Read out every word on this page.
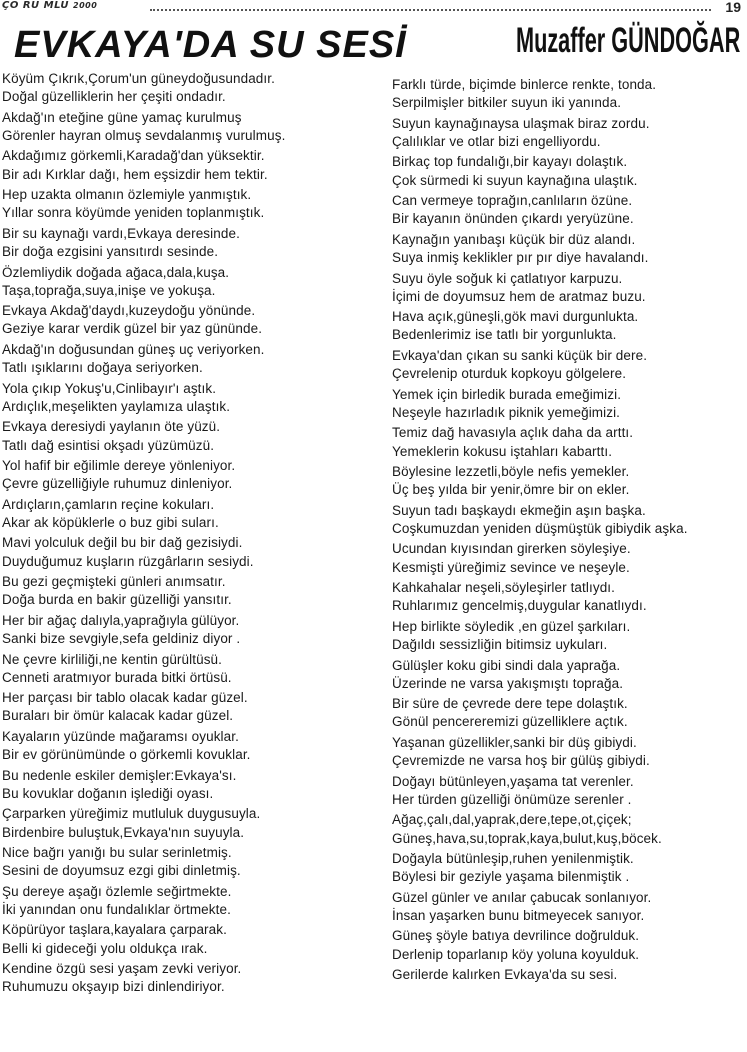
ÇO RU MLU 2000	19
EVKAYA'DA SU SESİ	Muzaffer GÜNDOĞAR
Köyüm Çıkrık,Çorum'un güneydoğusundadır.
Doğal güzelliklerin her çeşiti ondadır.
Akdağ'ın eteğine güne yamaç kurulmuş
Görenler hayran olmuş sevdalanmış vurulmuş.
Akdağımız görkemli,Karadağ'dan yüksektir.
Bir adı Kırklar dağı, hem eşsizdir hem tektir.
Hep uzakta olmanın özlemiyle yanmıştık.
Yıllar sonra köyümde yeniden toplanmıştık.
Bir su kaynağı vardı,Evkaya deresinde.
Bir doğa ezgisini yansıtırdı sesinde.
Özlemliydik doğada ağaca,dala,kuşa.
Taşa,toprağa,suya,inişe ve yokuşa.
Evkaya Akdağ'daydı,kuzeydoğu yönünde.
Geziye karar verdik güzel bir yaz gününde.
Akdağ'ın doğusundan güneş uç veriyorken.
Tatlı ışıklarını doğaya seriyorken.
Yola çıkıp Yokuş'u,Cinlibayır'ı aştık.
Ardıçlık,meşelikten yaylamıza ulaştık.
Evkaya deresiydi yaylanın öte yüzü.
Tatlı dağ esintisi okşadı yüzümüzü.
Yol hafif bir eğilimle dereye yönleniyor.
Çevre güzelliğiyle ruhumuz dinleniyor.
Ardıçların,çamların reçine kokuları.
Akar ak köpüklerle o buz gibi suları.
Mavi yolculuk değil bu bir dağ gezisiydi.
Duyduğumuz kuşların rüzgârların sesiydi.
Bu gezi geçmişteki günleri anımsatır.
Doğa burda en bakir güzelliği yansıtır.
Her bir ağaç dalıyla,yaprağıyla gülüyor.
Sanki bize sevgiyle,sefa geldiniz diyor .
Ne çevre kirliliği,ne kentin gürültüsü.
Cenneti aratmıyor burada bitki örtüsü.
Her parçası bir tablo olacak kadar güzel.
Buraları bir ömür kalacak kadar güzel.
Kayaların yüzünde mağaramsı oyuklar.
Bir ev görünümünde o görkemli kovuklar.
Bu nedenle eskiler demişler:Evkaya'sı.
Bu kovuklar doğanın işlediği oyası.
Çarparken yüreğimiz mutluluk duygusuyla.
Birdenbire buluştuk,Evkaya'nın suyuyla.
Nice bağrı yanığı bu sular serinletmiş.
Sesini de doyumsuz ezgi gibi dinletmiş.
Şu dereye aşağı özlemle seğirtmekte.
İki yanından onu fundalıklar örtmekte.
Köpürüyor taşlara,kayalara çarparak.
Belli ki gideceği yolu oldukça ırak.
Kendine özgü sesi yaşam zevki veriyor.
Ruhumuzu okşayıp bizi dinlendiriyor.
Farklı türde, biçimde binlerce renkte, tonda.
Serpilmişler bitkiler suyun iki yanında.
Suyun kaynağınaysa ulaşmak biraz zordu.
Çalılıklar ve otlar bizi engelliyordu.
Birkaç top fundalığı,bir kayayı dolaştık.
Çok sürmedi ki suyun kaynağına ulaştık.
Can vermeye toprağın,canlıların özüne.
Bir kayanın önünden çıkardı yeryüzüne.
Kaynağın yanıbaşı küçük bir düz alandı.
Suya inmiş keklikler pır pır diye havalandı.
Suyu öyle soğuk ki çatlatıyor karpuzu.
İçimi de doyumsuz hem de aratmaz buzu.
Hava açık,güneşli,gök mavi durgunlukta.
Bedenlerimiz ise tatlı bir yorgunlukta.
Evkaya'dan çıkan su sanki küçük bir dere.
Çevrelenip oturduk kopkoyu gölgelere.
Yemek için birledik burada emeğimizi.
Neşeyle hazırladık piknik yemeğimizi.
Temiz dağ havasıyla açlık daha da arttı.
Yemeklerin kokusu iştahları kabarttı.
Böylesine lezzetli,böyle nefis yemekler.
Üç beş yılda bir yenir,ömre bir on ekler.
Suyun tadı başkaydı ekmeğin aşın başka.
Coşkumuzdan yeniden düşmüştük gibiydik aşka.
Ucundan kıyısından girerken söyleşiye.
Kesmişti yüreğimiz sevince ve neşeyle.
Kahkahalar neşeli,söyleşirler tatlıydı.
Ruhlarımız gencelmiş,duygular kanatlıydı.
Hep birlikte söyledik ,en güzel şarkıları.
Dağıldı sessizliğin bitimsiz uykuları.
Gülüşler koku gibi sindi dala yaprağa.
Üzerinde ne varsa yakışmıştı toprağa.
Bir süre de çevrede dere tepe dolaştık.
Gönül pencereremizi güzelliklere açtık.
Yaşanan güzellikler,sanki bir düş gibiydi.
Çevremizde ne varsa hoş bir gülüş gibiydi.
Doğayı bütünleyen,yaşama tat verenler.
Her türden güzelliği önümüze serenler .
Ağaç,çalı,dal,yaprak,dere,tepe,ot,çiçek;
Güneş,hava,su,toprak,kaya,bulut,kuş,böcek.
Doğayla bütünleşip,ruhen yenilenmiştik.
Böylesi bir geziyle yaşama bilenmiştik .
Güzel günler ve anılar çabucak sonlanıyor.
İnsan yaşarken bunu bitmeyecek sanıyor.
Güneş şöyle batıya devrilince doğrulduk.
Derlenip toparlanıp köy yoluna koyulduk.
Gerilerde kalırken Evkaya'da su sesi.
